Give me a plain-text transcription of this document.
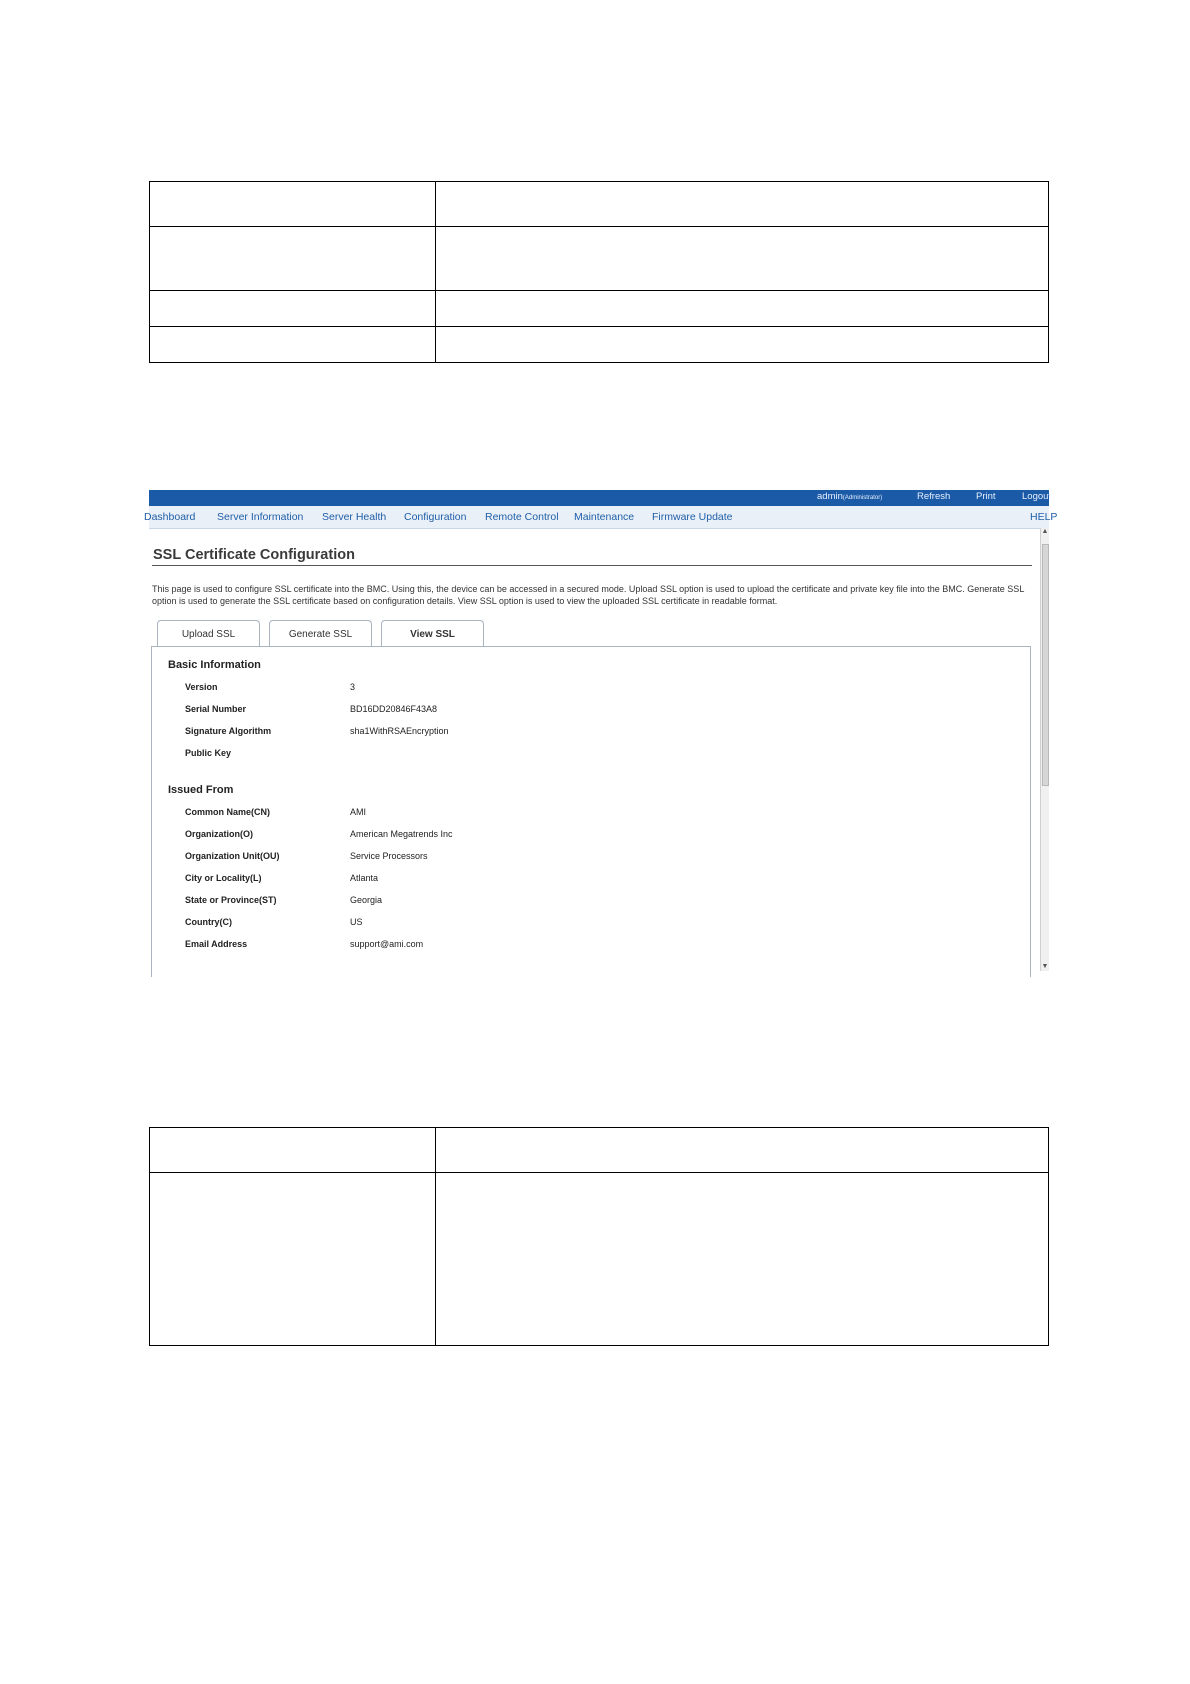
admin(Administrator)	Refresh	Print	Logout
Dashboard Server Information Server Health Configuration Remote Control Maintenance Firmware Update	HELP
▲
▼
SSL Certificate Configuration
This page is used to configure SSL certificate into the BMC. Using this, the device can be accessed in a secured mode. Upload SSL option is used to upload the certificate and private key file into the BMC. Generate SSL option is used to generate the SSL certificate based on configuration details. View SSL option is used to view the uploaded SSL certificate in readable format.
Upload SSL	Generate SSL	View SSL
Basic Information
Version	3
Serial Number	BD16DD20846F43A8
Signature Algorithm	sha1WithRSAEncryption
Public Key
Issued From
Common Name(CN)	AMI
Organization(O)	American Megatrends Inc
Organization Unit(OU)	Service Processors
City or Locality(L)	Atlanta
State or Province(ST)	Georgia
Country(C)	US
Email Address	support@ami.com
